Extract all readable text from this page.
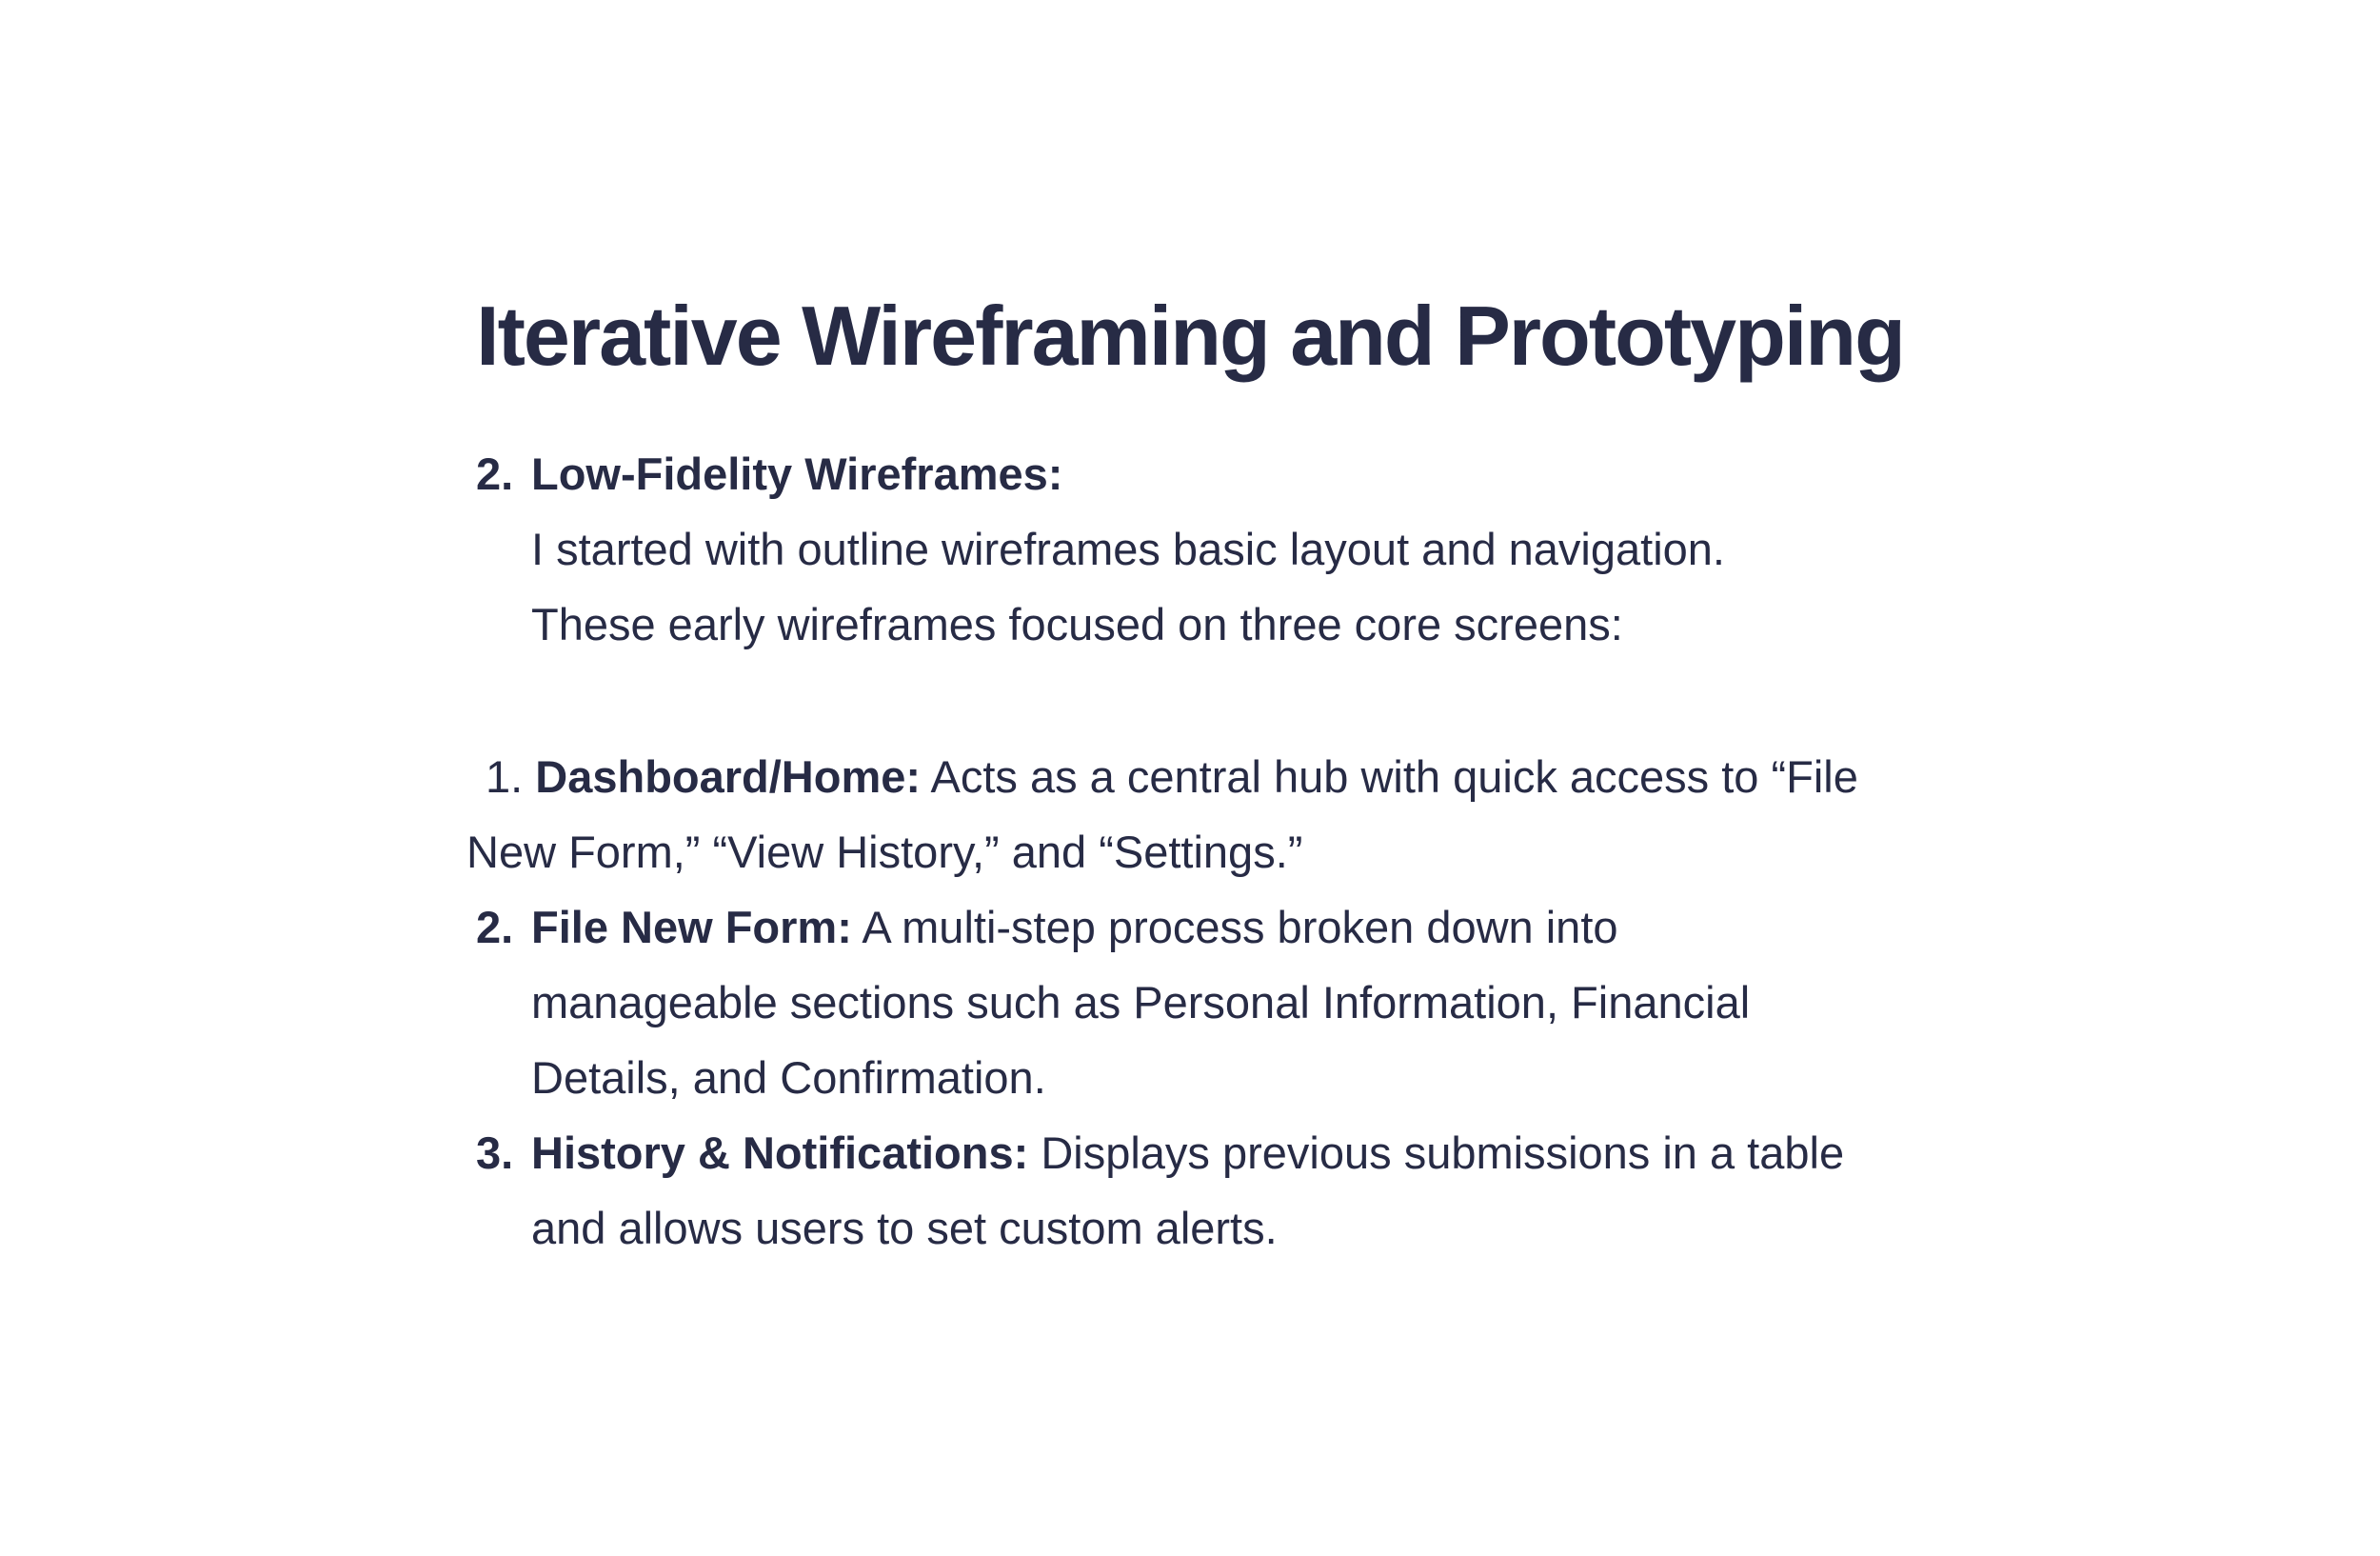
Iterative Wireframing and Prototyping
2. Low-Fidelity Wireframes:
I started with outline wireframes basic layout and navigation.
These early wireframes focused on three core screens:
1. Dashboard/Home: Acts as a central hub with quick access to “File
New Form,” “View History,” and “Settings.”
2. File New Form: A multi-step process broken down into
manageable sections such as Personal Information, Financial
Details, and Confirmation.
3. History & Notifications: Displays previous submissions in a table
and allows users to set custom alerts.
